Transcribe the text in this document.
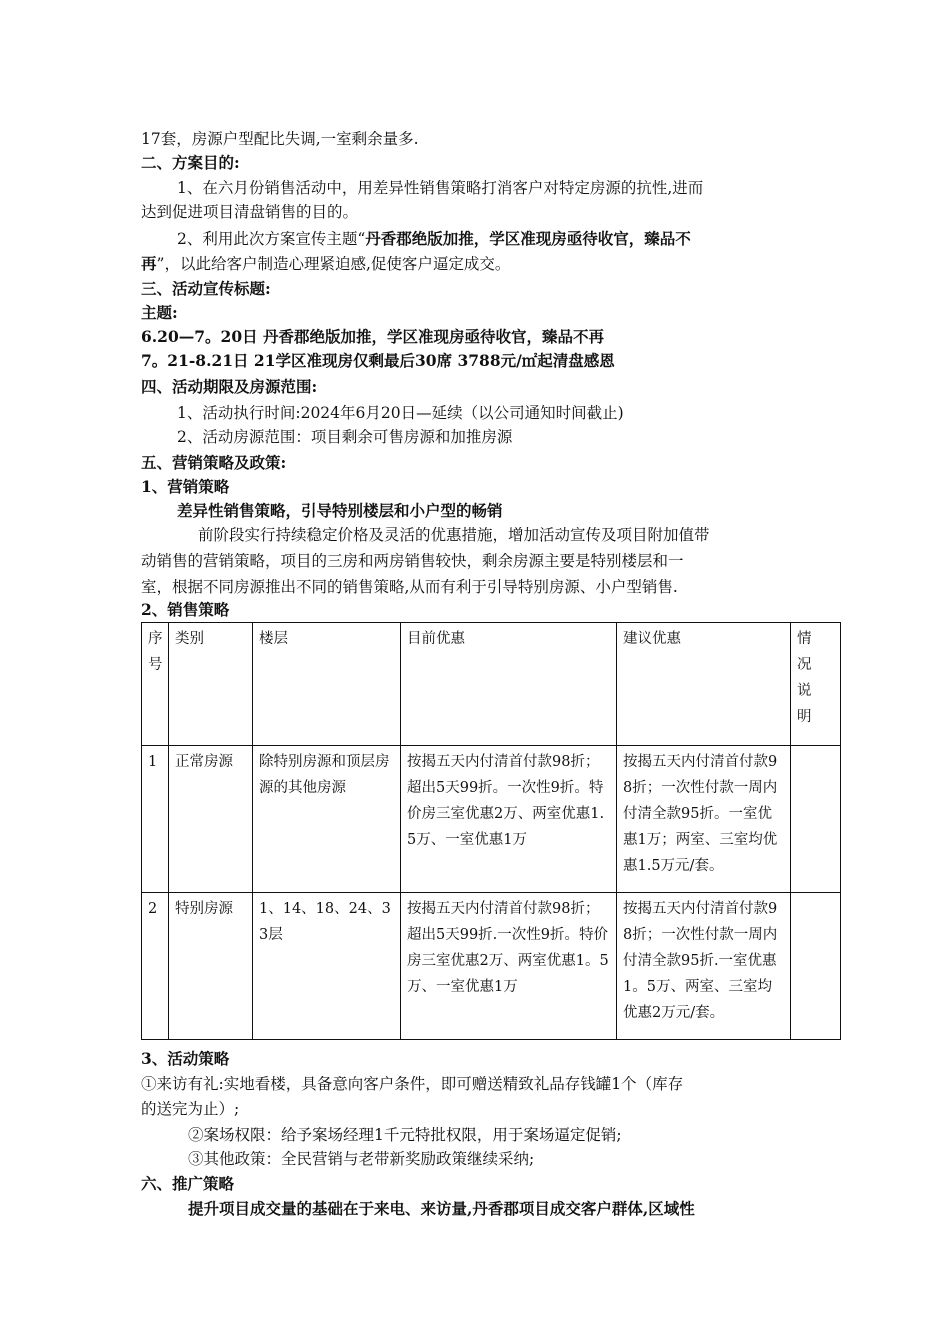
17套，房源户型配比失调,一室剩余量多.
二、方案目的:
1、在六月份销售活动中，用差异性销售策略打消客户对特定房源的抗性,进而
达到促进项目清盘销售的目的。
2、利用此次方案宣传主题“丹香郡绝版加推，学区准现房亟待收官，臻品不
再”，以此给客户制造心理紧迫感,促使客户逼定成交。
三、活动宣传标题:
主题:
6.20—7。20日 丹香郡绝版加推，学区准现房亟待收官，臻品不再
7。21-8.21日 21学区准现房仅剩最后30席 3788元/㎡起清盘感恩
四、活动期限及房源范围:
1、活动执行时间:2024年6月20日—延续（以公司通知时间截止)
2、活动房源范围：项目剩余可售房源和加推房源
五、营销策略及政策:
1、营销策略
差异性销售策略，引导特别楼层和小户型的畅销
前阶段实行持续稳定价格及灵活的优惠措施，增加活动宣传及项目附加值带
动销售的营销策略，项目的三房和两房销售较快，剩余房源主要是特别楼层和一
室，根据不同房源推出不同的销售策略,从而有利于引导特别房源、小户型销售.
2、销售策略
序号	类别	楼层	目前优惠	建议优惠	情况说明

1	正常房源	除特别房源和顶层房源的其他房源	按揭五天内付清首付款98折；超出5天99折。一次性9折。特价房三室优惠2万、两室优惠1.5万、一室优惠1万	按揭五天内付清首付款98折；一次性付款一周内付清全款95折。一室优惠1万；两室、三室均优惠1.5万元/套。	
2	特别房源	1、14、18、24、33层	按揭五天内付清首付款98折；超出5天99折.一次性9折。特价房三室优惠2万、两室优惠1。5万、一室优惠1万	按揭五天内付清首付款98折；一次性付款一周内付清全款95折.一室优惠1。5万、两室、三室均优惠2万元/套。	
3、活动策略
①来访有礼:实地看楼，具备意向客户条件，即可赠送精致礼品存钱罐1个（库存
的送完为止）;
②案场权限：给予案场经理1千元特批权限，用于案场逼定促销;
③其他政策：全民营销与老带新奖励政策继续采纳;
六、推广策略
提升项目成交量的基础在于来电、来访量,丹香郡项目成交客户群体,区域性
